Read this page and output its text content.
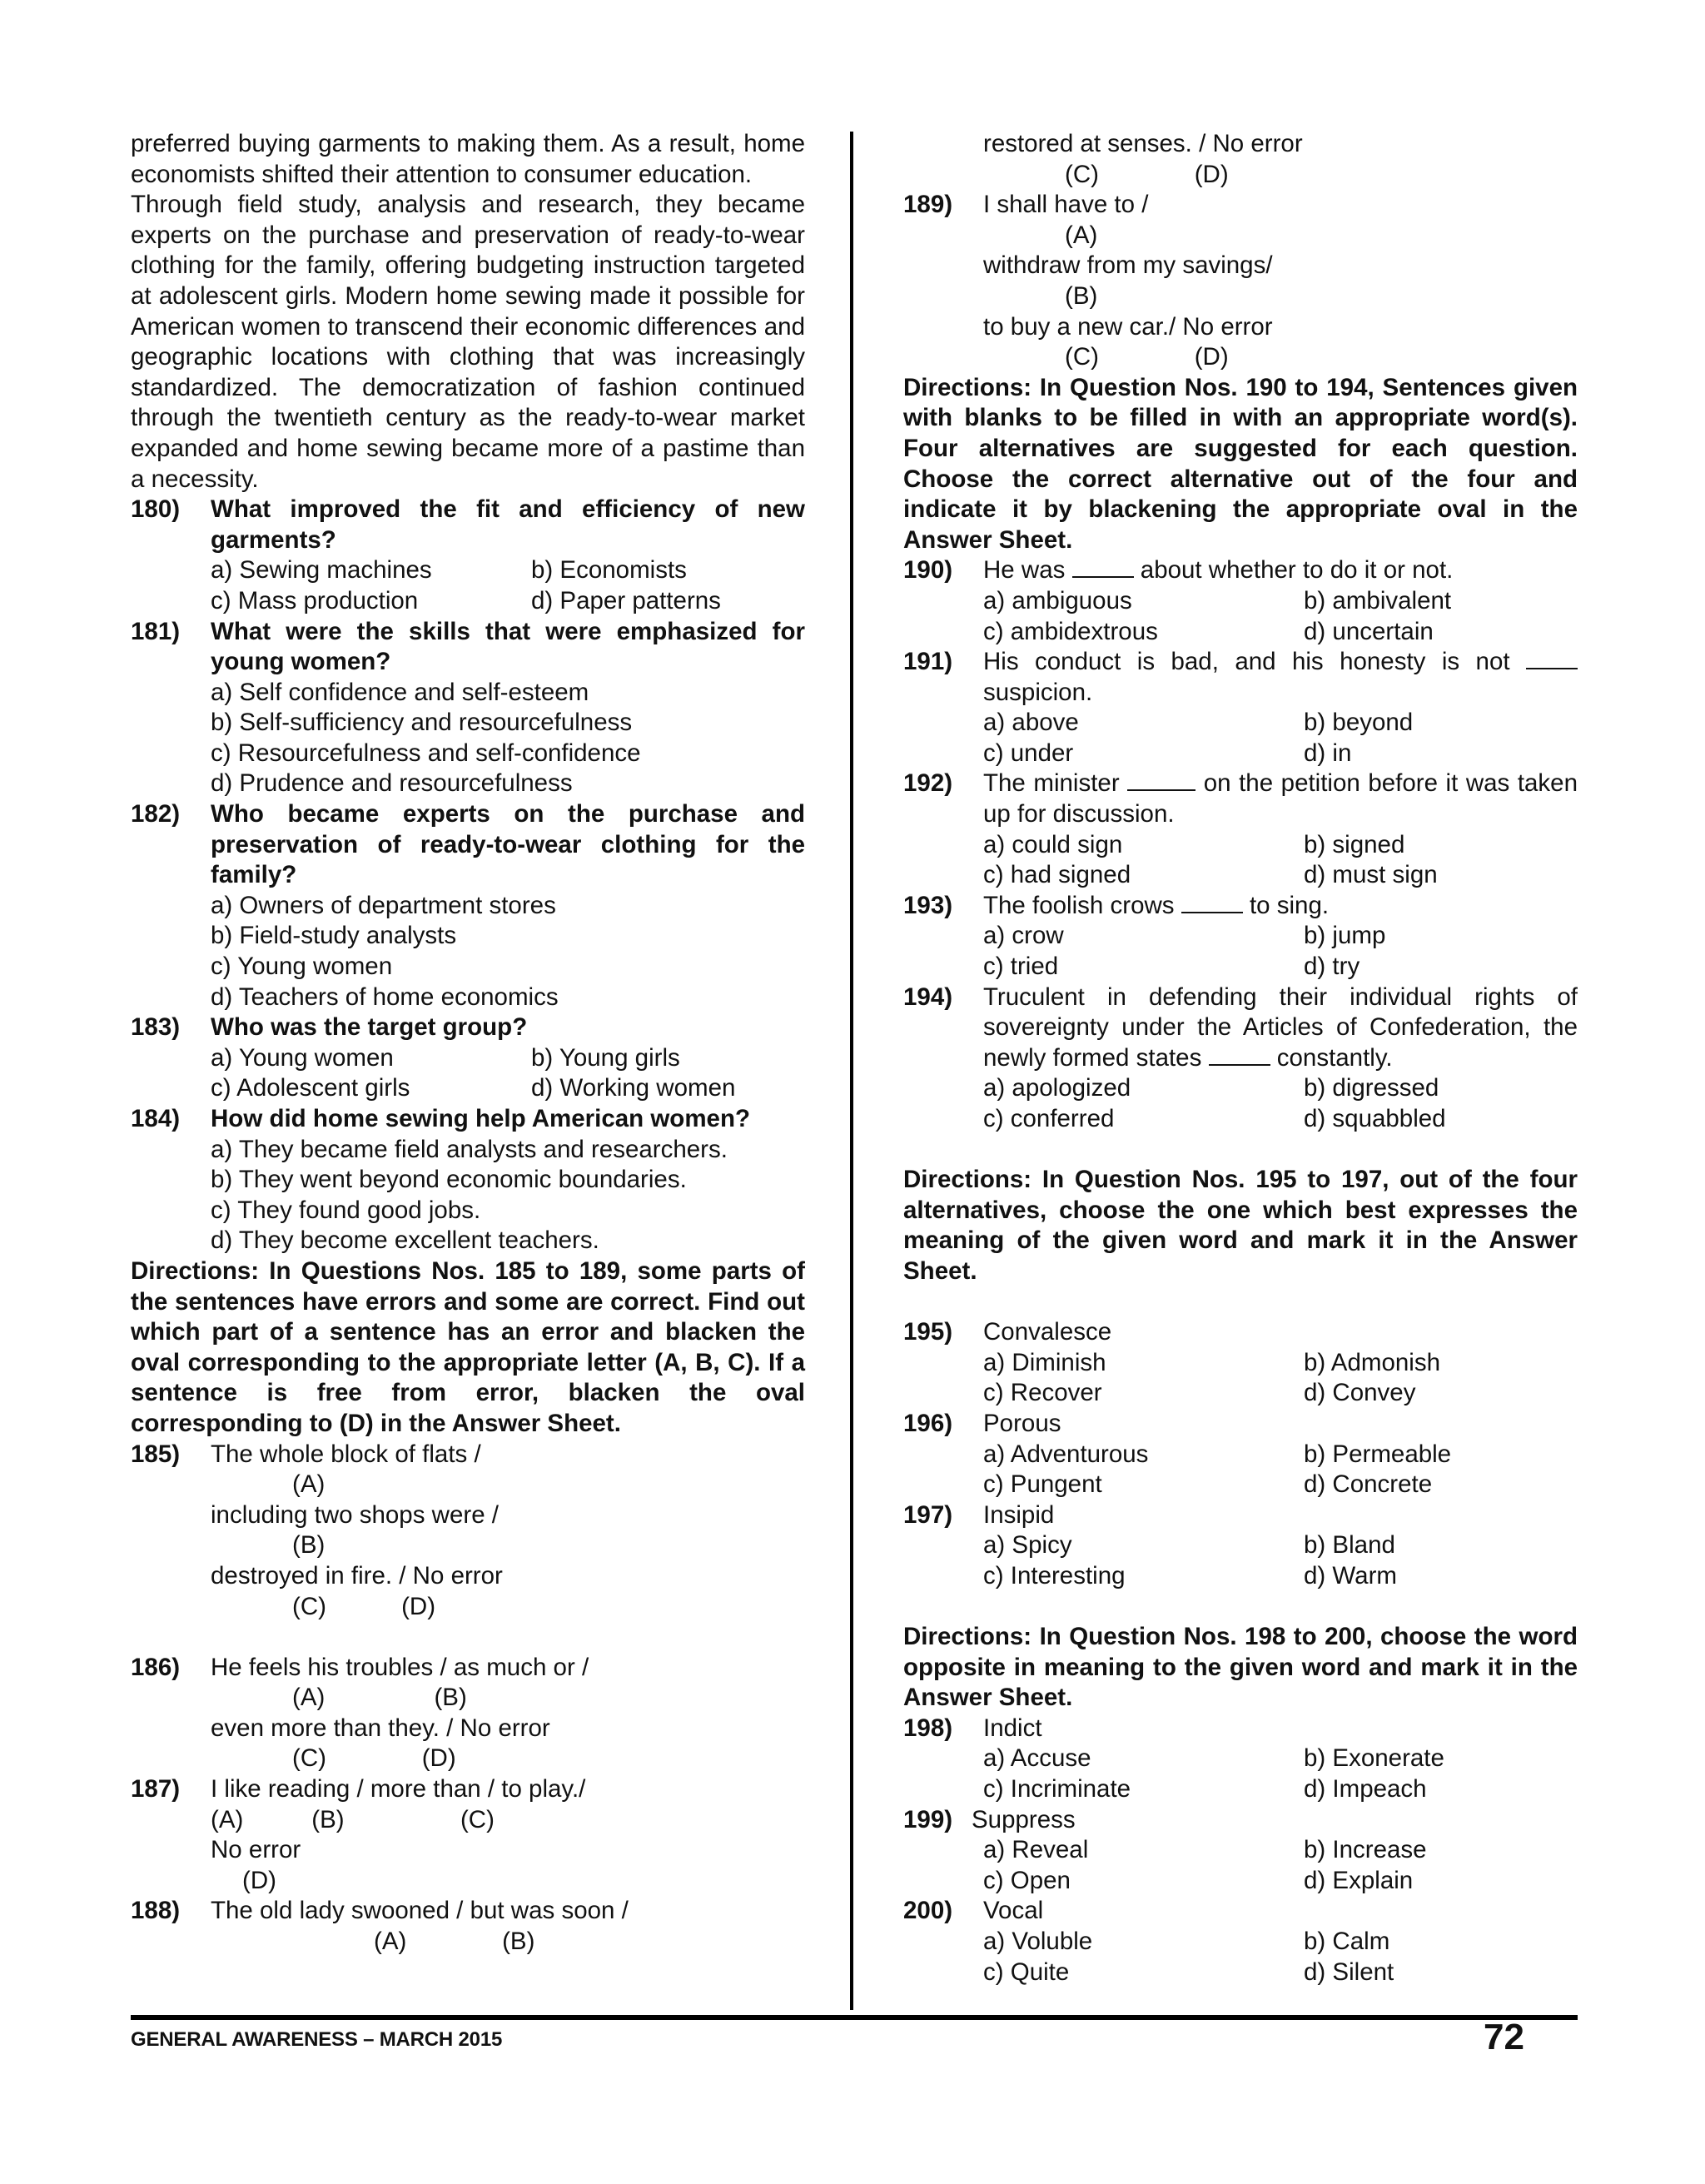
preferred buying garments to making them. As a result, home economists shifted their attention to consumer education.
Through field study, analysis and research, they became experts on the purchase and preservation of ready-to-wear clothing for the family, offering budgeting instruction targeted at adolescent girls. Modern home sewing made it possible for American women to transcend their economic differences and geographic locations with clothing that was increasingly standardized. The democratization of fashion continued through the twentieth century as the ready-to-wear market expanded and home sewing became more of a pastime than a necessity.
180) What improved the fit and efficiency of new garments?
a) Sewing machines	b) Economists
c) Mass production	d) Paper patterns
181) What were the skills that were emphasized for young women?
a) Self confidence and self-esteem
b) Self-sufficiency and resourcefulness
c) Resourcefulness and self-confidence
d) Prudence and resourcefulness
182) Who became experts on the purchase and preservation of ready-to-wear clothing for the family?
a) Owners of department stores
b) Field-study analysts
c) Young women
d) Teachers of home economics
183) Who was the target group?
a) Young women	b) Young girls
c) Adolescent girls	d) Working women
184) How did home sewing help American women?
a) They became field analysts and researchers.
b) They went beyond economic boundaries.
c) They found good jobs.
d) They become excellent teachers.
Directions: In Questions Nos. 185 to 189, some parts of the sentences have errors and some are correct. Find out which part of a sentence has an error and blacken the oval corresponding to the appropriate letter (A, B, C). If a sentence is free from error, blacken the oval corresponding to (D) in the Answer Sheet.
185) The whole block of flats /
(A)
including two shops were /
(B)
destroyed in fire. / No error
(C)           (D)
186) He feels his troubles / as much or /
(A)                (B)
even more than they. / No error
(C)              (D)
187) I like reading / more than / to play./
(A)          (B)                 (C)
No error
(D)
188) The old lady swooned / but was soon /
(A)              (B)
restored at senses. / No error
(C)              (D)
189) I shall have to /
(A)
withdraw from my savings/
(B)
to buy a new car./ No error
(C)              (D)
Directions: In Question Nos. 190 to 194, Sentences given with blanks to be filled in with an appropriate word(s). Four alternatives are suggested for each question. Choose the correct alternative out of the four and indicate it by blackening the appropriate oval in the Answer Sheet.
190) He was	about whether to do it or not.
a) ambiguous	b) ambivalent
c) ambidextrous	d) uncertain
191) His conduct is bad, and his honesty is not  suspicion.
a) above	b) beyond
c) under	d) in
192) The minister	on the petition before it was taken up for discussion.
a) could sign	b) signed
c) had signed	d) must sign
193) The foolish crows	to sing.
a) crow	b) jump
c) tried	d) try
194) Truculent in defending their individual rights of sovereignty under the Articles of Confederation, the newly formed states	constantly.
a) apologized	b) digressed
c) conferred	d) squabbled
Directions: In Question Nos. 195 to 197, out of the four alternatives, choose the one which best expresses the meaning of the given word and mark it in the Answer Sheet.
195) Convalesce
a) Diminish	b) Admonish
c) Recover	d) Convey
196) Porous
a) Adventurous	b) Permeable
c) Pungent	d) Concrete
197) Insipid
a) Spicy	b) Bland
c) Interesting	d) Warm
Directions: In Question Nos. 198 to 200, choose the word opposite in meaning to the given word and mark it in the Answer Sheet.
198) Indict
a) Accuse	b) Exonerate
c) Incriminate	d) Impeach
199) Suppress
a) Reveal	b) Increase
c) Open	d) Explain
200) Vocal
a) Voluble	b) Calm
c) Quite	d) Silent
GENERAL AWARENESS – MARCH 2015	72
